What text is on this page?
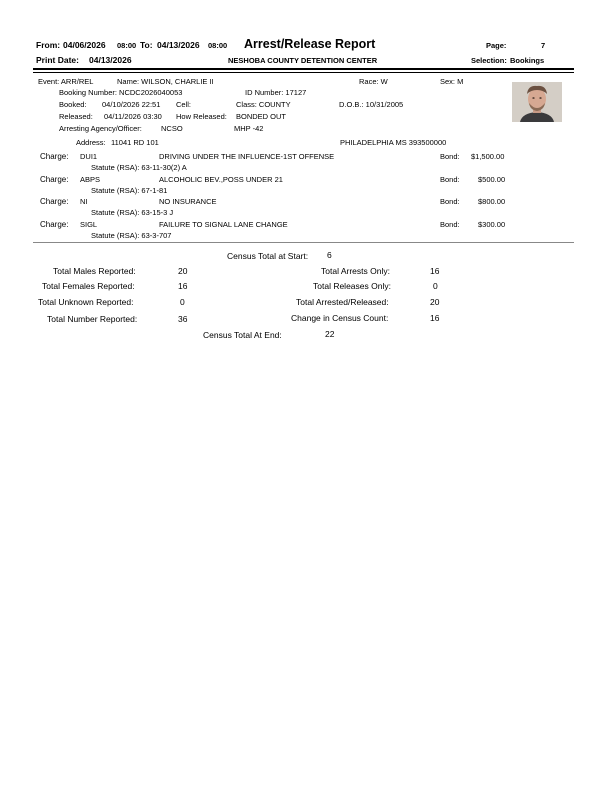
From: 04/06/2026 08:00 To: 04/13/2026 08:00 Arrest/Release Report	Page:	7
Print Date: 04/13/2026	NESHOBA COUNTY DETENTION CENTER	Selection: Bookings
Event: ARR/REL	Name: WILSON, CHARLIE II	Race: W	Sex: M
Booking Number: NCDC2026040053	ID Number: 17127
Booked: 04/10/2026 22:51 Cell:	Class: COUNTY	D.O.B.: 10/31/2005
Released: 04/11/2026 03:30 How Released: BONDED OUT
Arresting Agency/Officer:	NCSO	MHP -42
Address: 11041 RD 101	PHILADELPHIA MS 393500000
Charge: DUI1	DRIVING UNDER THE INFLUENCE-1ST OFFENSE	Bond: $1,500.00
Statute (RSA): 63-11-30(2) A
Charge: ABPS	ALCOHOLIC BEV.,POSS UNDER 21	Bond: $500.00
Statute (RSA): 67-1-81
Charge: NI	NO INSURANCE	Bond: $800.00
Statute (RSA): 63-15-3 J
Charge: SIGL	FAILURE TO SIGNAL LANE CHANGE	Bond: $300.00
Statute (RSA): 63-3-707
Census Total at Start: 6
Total Males Reported:	20	Total Arrests Only:	16
Total Females Reported:	16	Total Releases Only:	0
Total Unknown Reported:	0	Total Arrested/Released:	20
Total Number Reported:	36	Change in Census Count:	16
Census Total At End:	22
